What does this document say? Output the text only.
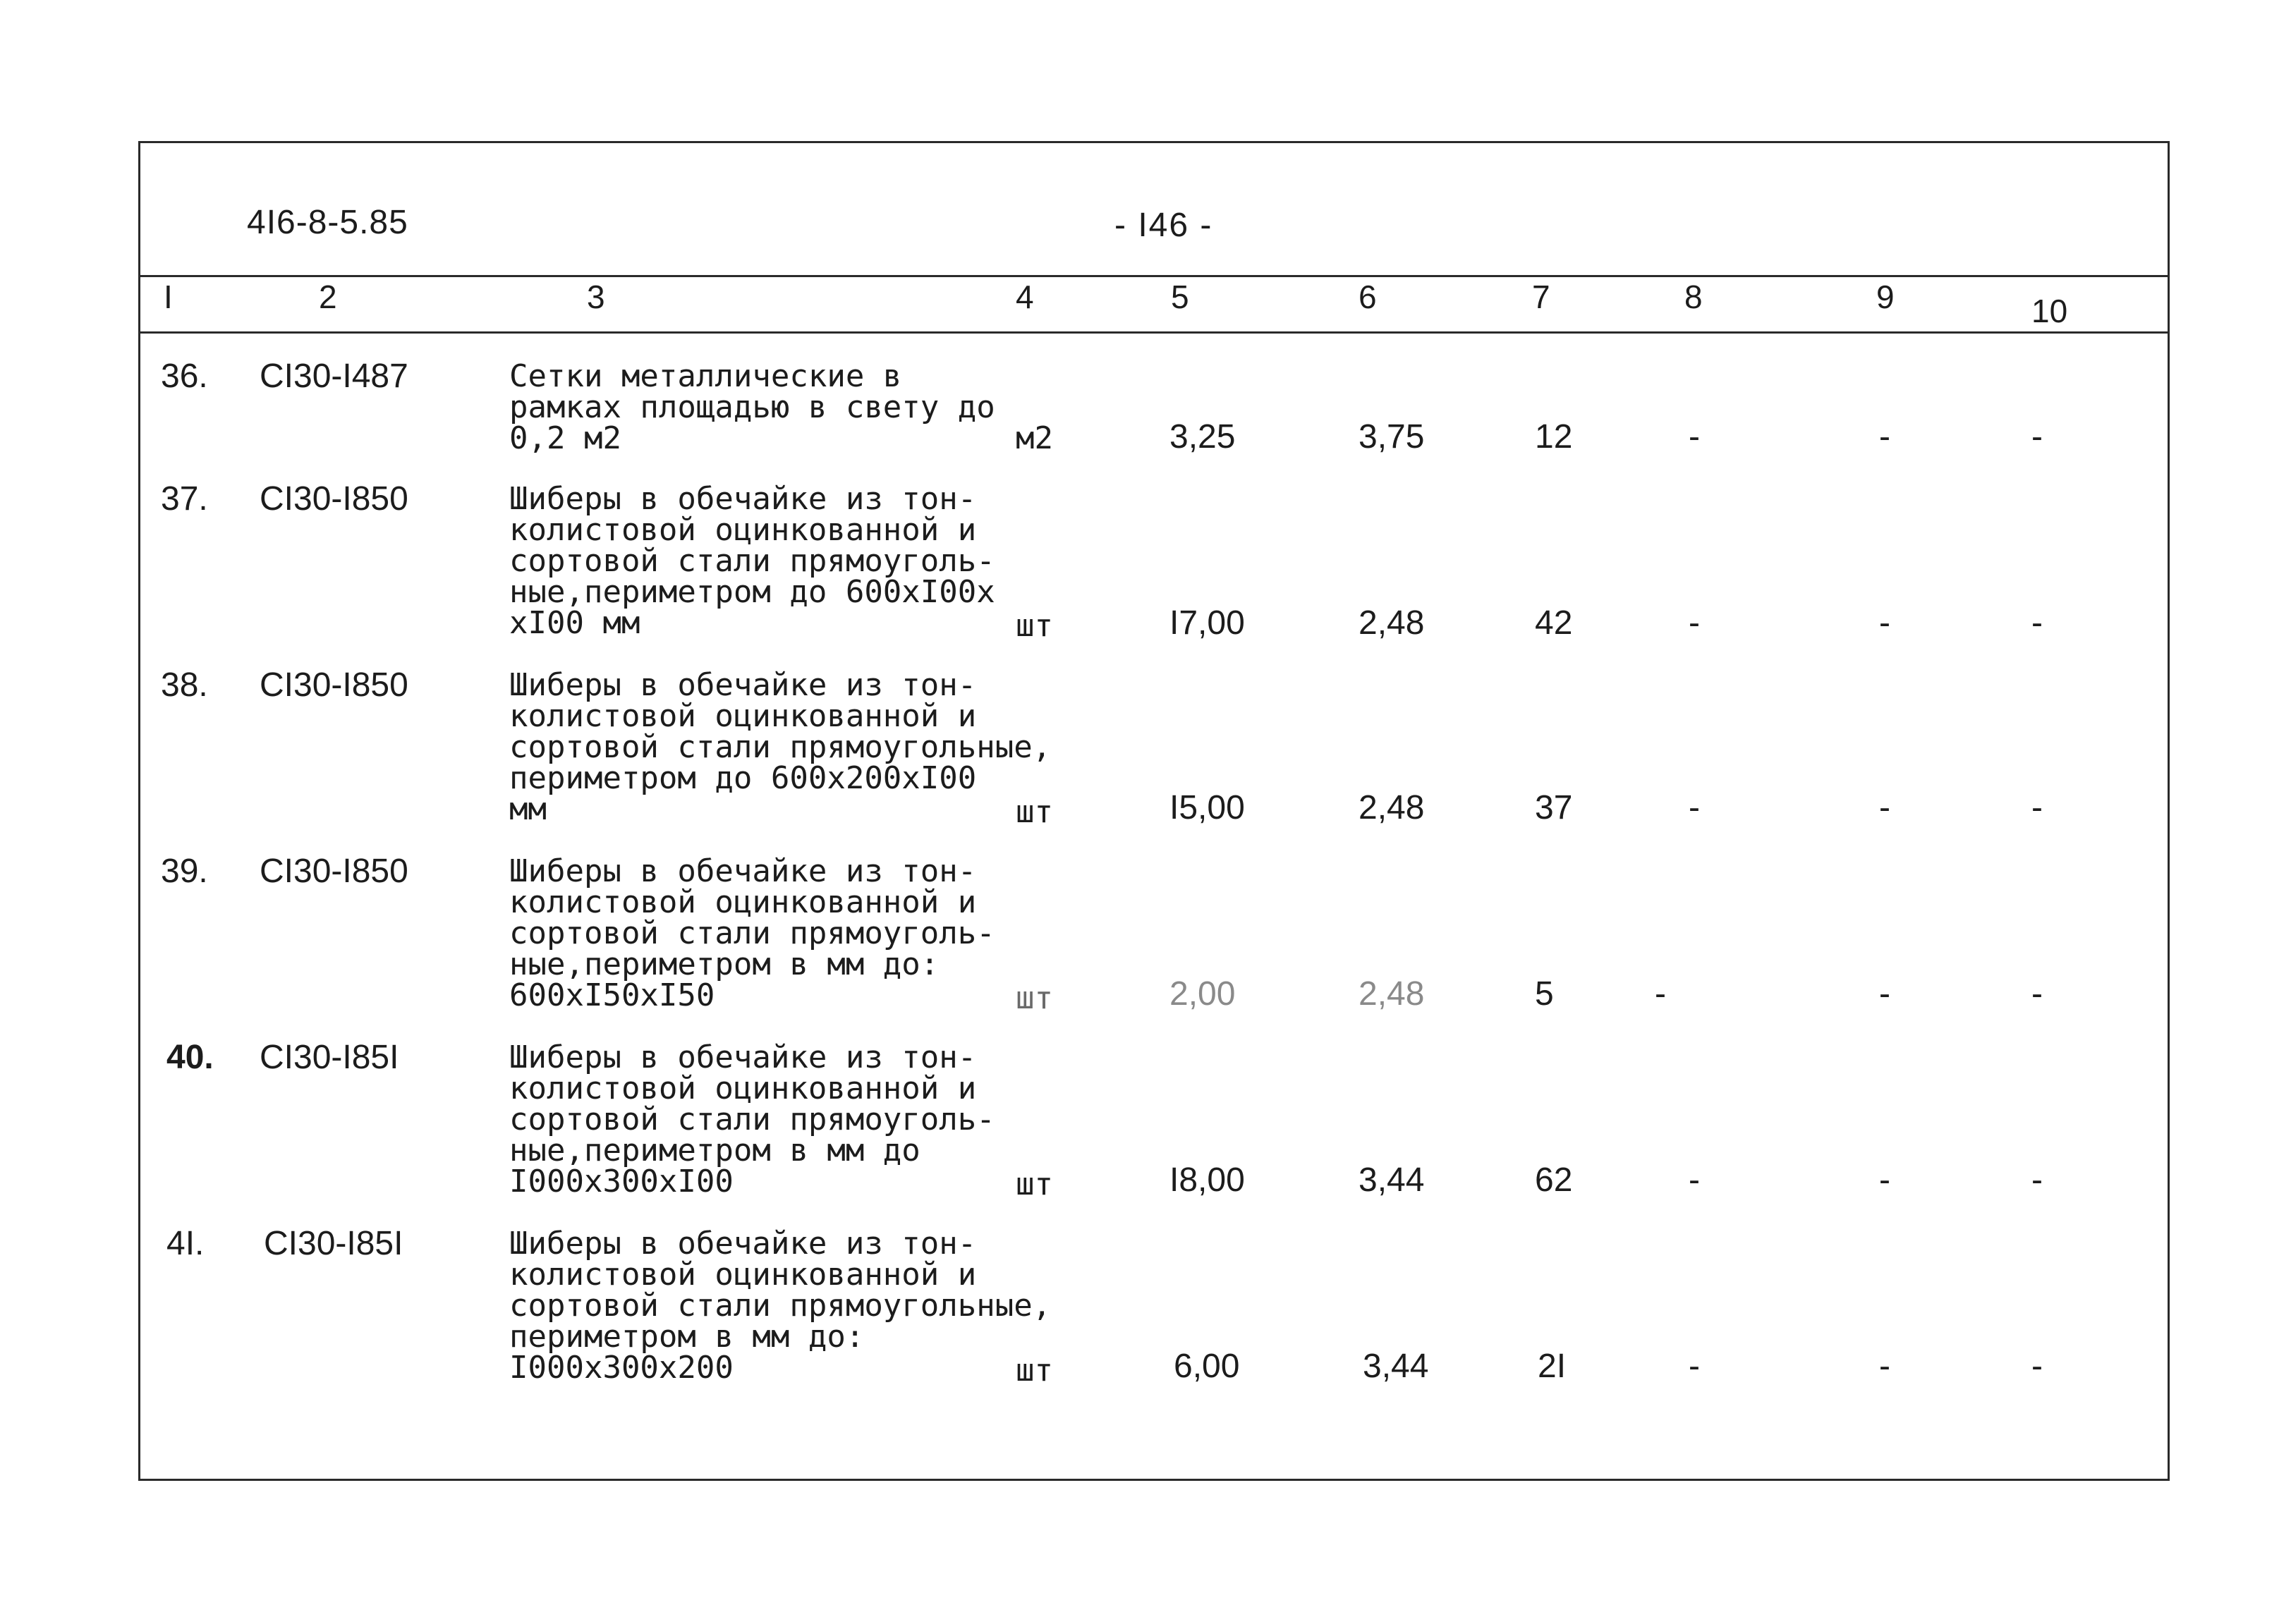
4I6-8-5.85	- I46 -
I	2	3	4	5	6	7	8	9	10
36. CI30-I487	Сетки металлические в
рамках площадью в свету до
0,2 м2	м2	3,25	3,75	12	-	-	-
37. CI30-I850	Шиберы в обечайке из тон-
колистовой оцинкованной и
сортовой стали прямоуголь-
ные,периметром до 600хI00х
хI00 мм	шт	I7,00	2,48	42	-	-	-
38. CI30-I850	Шиберы в обечайке из тон-
колистовой оцинкованной и
сортовой стали прямоугольные,
периметром до 600х200хI00
мм	шт	I5,00	2,48	37	-	-	-
39. CI30-I850	Шиберы в обечайке из тон-
колистовой оцинкованной и
сортовой стали прямоуголь-
ные,периметром в мм до:
600хI50хI50	шт	2,00	2,48	5	-	-	-
40. CI30-I85I	Шиберы в обечайке из тон-
колистовой оцинкованной и
сортовой стали прямоуголь-
ные,периметром в мм до
I000х300хI00	шт	I8,00	3,44	62	-	-	-
4I. CI30-I85I	Шиберы в обечайке из тон-
колистовой оцинкованной и
сортовой стали прямоугольные,
периметром в мм до:
I000х300х200	шт	6,00	3,44	2I	-	-	-
